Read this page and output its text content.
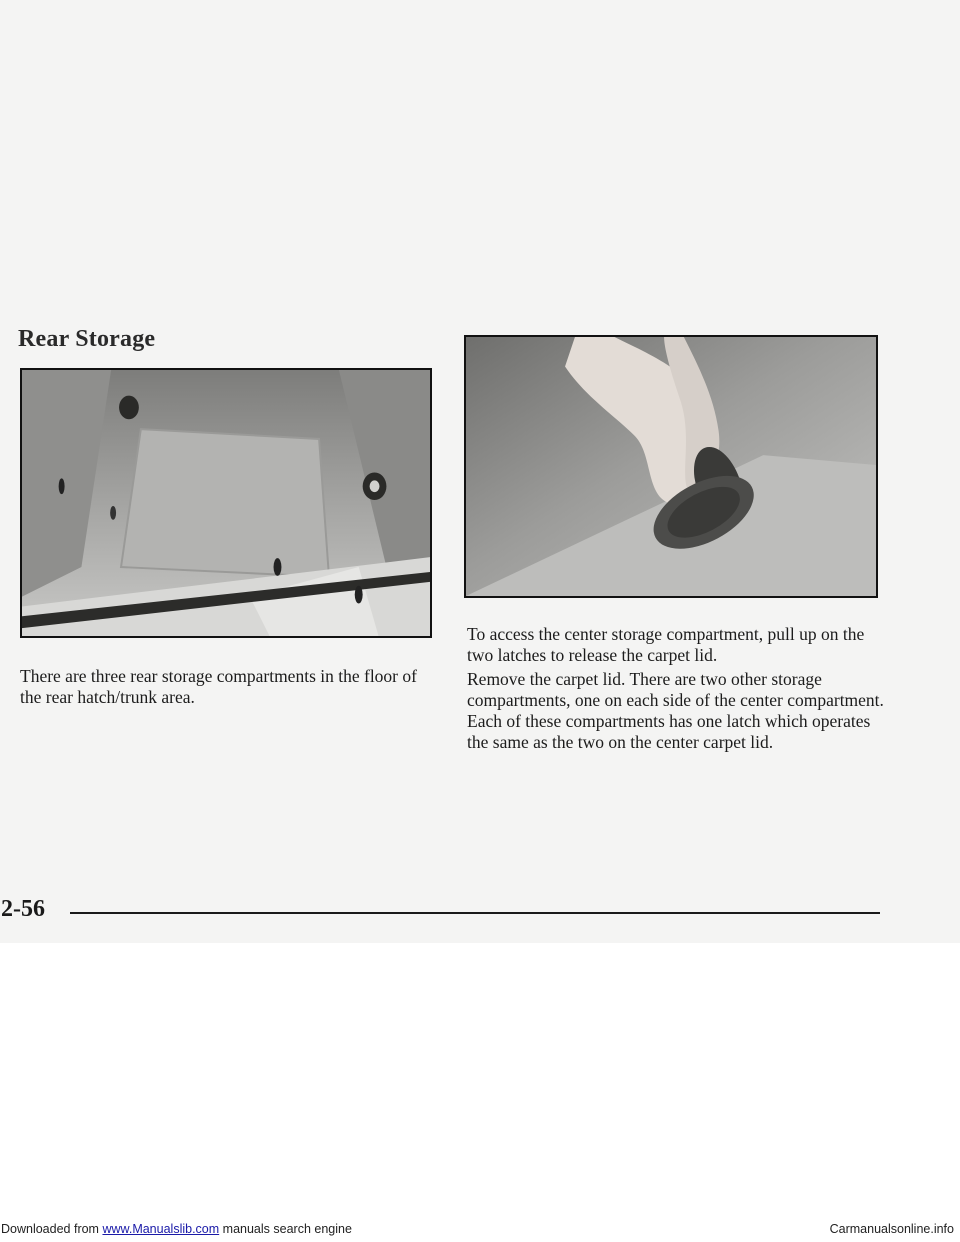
Rear Storage

There are three rear storage compartments in the floor of the rear hatch/trunk area.

To access the center storage compartment, pull up on the two latches to release the carpet lid.

Remove the carpet lid. There are two other storage compartments, one on each side of the center compartment. Each of these compartments has one latch which operates the same as the two on the center carpet lid.

2-56
Downloaded from www.Manualslib.com manuals search engine	Carmanualsonline.info
